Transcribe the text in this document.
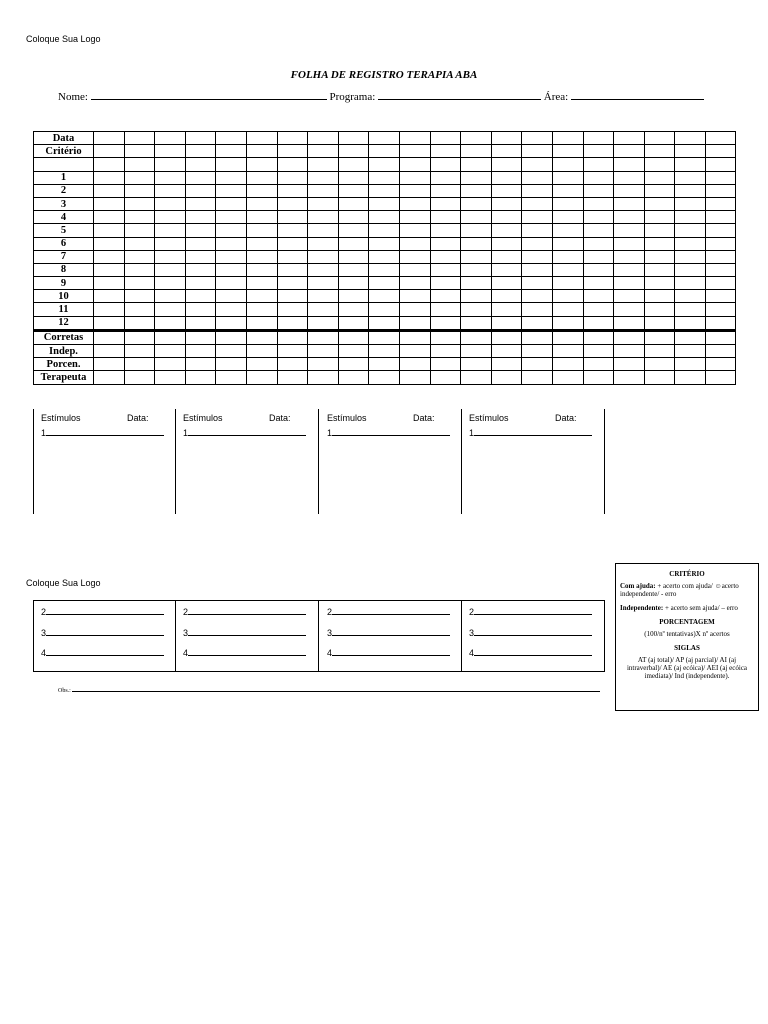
Coloque Sua Logo
FOLHA DE REGISTRO TERAPIA ABA
Nome:	Programa:	Área:
Data																					
Critério																					

1																					
2																					
3																					
4																					
5																					
6																					
7																					
8																					
9																					
10																					
11																					
12																					
Corretas																					
Indep.																					
Porcen.																					
Terapeuta																					
Estímulos	Data:
1
Estímulos	Data:
1
Estímulos	Data:
1
Estímulos	Data:
1
Coloque Sua Logo
2
3
4
2
3
4
2
3
4
2
3
4
Obs.:
CRITÉRIO
Com ajuda: + acerto com ajuda/ ☺acerto independente/ - erro
Independente: + acerto sem ajuda/ – erro
PORCENTAGEM
(100/nº tentativas)X nº acertos
SIGLAS
AT (aj total)/ AP (aj parcial)/ AI (aj intraverbal)/ AE (aj ecóica)/ AEI (aj ecóica imediata)/ Ind (independente).
